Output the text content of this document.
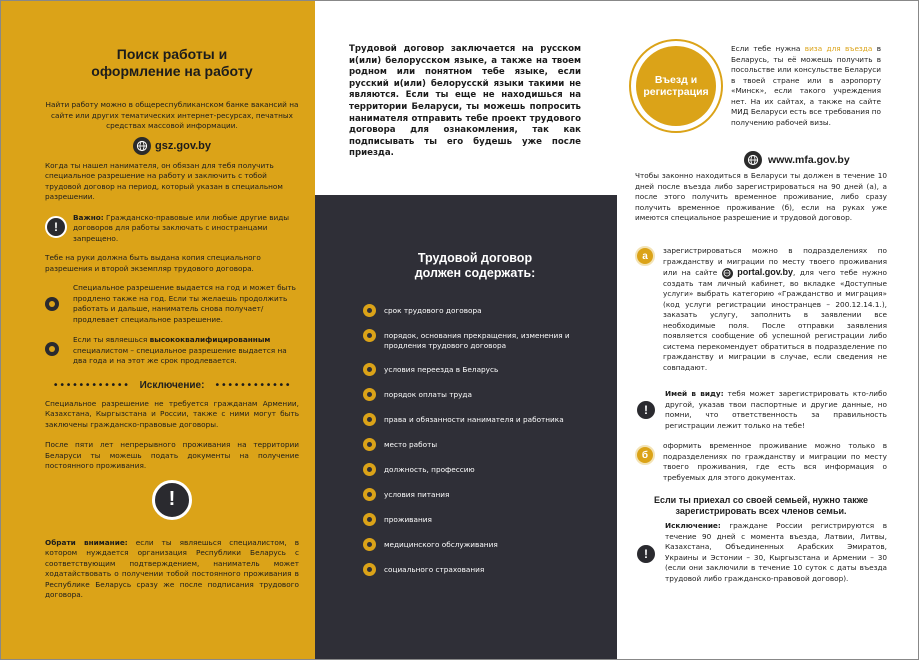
Поиск работы и
оформление на работу

Найти работу можно в общереспубликанском банке вакансий на сайте или других тематических интернет-ресурсах, печатных средствах массовой информации.

gsz.gov.by

Когда ты нашел нанимателя, он обязан для тебя получить специальное разрешение на работу и заключить с тобой трудовой договор на период, который указан в специальном разрешении.

!

Важно: Гражданско-правовые или любые другие виды договоров для работы заключать с иностранцами запрещено.

Тебе на руки должна быть выдана копия специального разрешения и второй экземпляр трудового договора.

Специальное разрешение выдается на год и может быть продлено также на год. Если ты желаешь продолжить работать и дальше, наниматель снова получает/продлевает специальное разрешение.

Если ты являешься высококвалифицированным специалистом – специальное разрешение выдается на два года и на этот же срок продлевается.

•••••••••••• Исключение: ••••••••••••

Специальное разрешение не требуется гражданам Армении, Казахстана, Кыргызстана и России, также с ними могут быть заключены гражданско-правовые договоры.

После пяти лет непрерывного проживания на территории Беларуси ты можешь подать документы на получение постоянного проживания.

!

Обрати внимание: если ты являешься специалистом, в котором нуждается организация Республики Беларусь с соответствующим подтверждением, наниматель может ходатайствовать о получении тобой постоянного проживания в Республике Беларусь сразу же после подписания трудового договора.

Трудовой договор заключается на русском и(или) белорусском языке, а также на твоем родном или понятном тебе языке, если русский и(или) белорусскй языки такими не являются. Если ты еще не находишься на территории Беларуси, ты можешь попросить нанимателя отправить тебе проект трудового договора для ознакомления, так как подписывать ты его будешь уже после приезда.

Трудовой договор
должен содержать:
срок трудового договора
порядок, основания прекращения, изменения и продления трудового договора
условия переезда в Беларусь
порядок оплаты труда
права и обязанности нанимателя и работника
место работы
должность, профессию
условия питания
проживания
медицинского обслуживания
социального страхования
Въезд и
регистрация

Если тебе нужна виза для въезда в Беларусь, ты её можешь получить в посольстве или консульстве Беларуси в твоей стране или в аэропорту «Минск», если такого учреждения нет. На их сайтах, а также на сайте МИД Беларуси есть все требования по получению рабочей визы.

www.mfa.gov.by

Чтобы законно находиться в Беларуси ты должен в течение 10 дней после въезда либо зарегистрироваться на 90 дней (а), а после этого получить временное проживание, либо сразу получить временное проживание (б), если на руках уже имеются специальное разрешение и трудовой договор.

а	зарегистрироваться можно в подразделениях по гражданству и миграции по месту твоего проживания или на сайте
portal.gov.by, для чего тебе нужно создать там личный кабинет, во вкладке «Доступные услуги» выбрать категорию «Гражданство и миграция» (код услуги регистрации иностранцев – 200.12.14.1.), заказать услугу, заполнить в заявлении все необходимые поля. После отправки заявления появляется сообщение об успешной регистрации либо система перекомендует обратиться в подразделение по гражданству и миграции в случае, если сведения не совпадают.

!

Имей в виду: тебя может зарегистрировать кто-либо другой, указав твои паспортные и другие данные, но помни, что ответственность за правильность регистрации лежит только на тебе!

б

оформить временное проживание можно только в подразделениях по гражданству и миграции по месту твоего проживания, где есть вся информация о требуемых для этого документах.

Если ты приехал со своей семьей, нужно также зарегистрировать всех членов семьи.

!

Исключение: граждане России регистрируются в течение 90 дней с момента въезда, Латвии, Литвы, Казахстана, Объединенных Арабских Эмиратов, Украины и Эстонии – 30, Кыргызстана и Армении – 30 (если они заключили в течение 10 суток с даты въезда трудовой либо гражданско-правовой договор).
